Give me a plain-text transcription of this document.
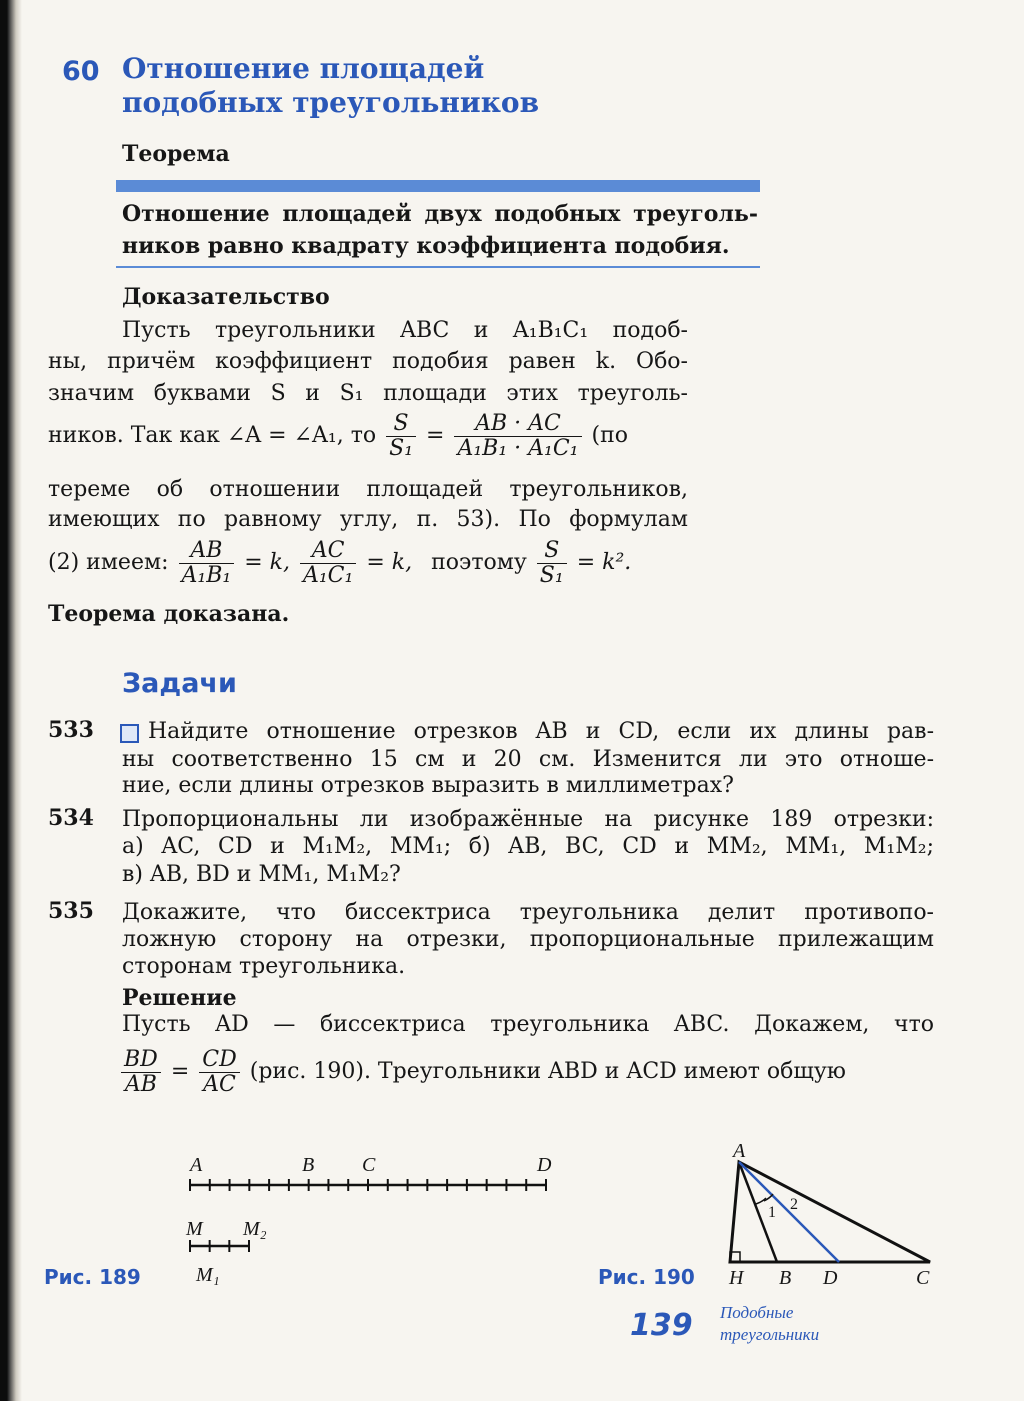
60 Отношение площадей
подобных треугольников
Теорема
Отношение площадей двух подобных треуголь-
ников равно квадрату коэффициента подобия.
Доказательство
Пусть треугольники ABC и A₁B₁C₁ подоб-
ны, причём коэффициент подобия равен k. Обо-
значим буквами S и S₁ площади этих треуголь-
ников. Так как ∠A = ∠A₁, то $\frac{S}{\text{S₁}} = \frac{AB \cdot AC}{\text{A₁B₁ · A₁C₁}} (по$
тереме об отношении площадей треугольников,
имеющих по равному углу, п. 53). По формулам
(2) имеем: $\frac{AB}{\text{A₁B₁}} = k$, $\frac{AC}{\text{A₁C₁}} = k$, поэтому $\frac{S}{\text{S₁}} = k^2$.
Теорема доказана.
Задачи
533 Найдите отношение отрезков AB и CD, если их длины рав-
ны соответственно 15 см и 20 см. Изменится ли это отноше-
ние, если длины отрезков выразить в миллиметрах?
534 Пропорциональны ли изображённые на рисунке 189 отрезки:
а) AC, CD и M₁M₂, MM₁; б) AB, BC, CD и MM₂, MM₁, M₁M₂;
в) AB, BD и MM₁, M₁M₂?
535 Докажите, что биссектриса треугольника делит противопо-
ложную сторону на отрезки, пропорциональные прилежащим
сторонам треугольника.
Решение
Пусть AD — биссектриса треугольника ABC. Докажем, что
$\frac{BD}{AB} = \frac{CD}{AC} (рис$. 190). Треугольники ABD и ACD имеют общую
A	B C	D
M M₂
M₁
Рис. 189
A
1 2
H B D	C
Рис. 190
139 Подобные
треугольники
